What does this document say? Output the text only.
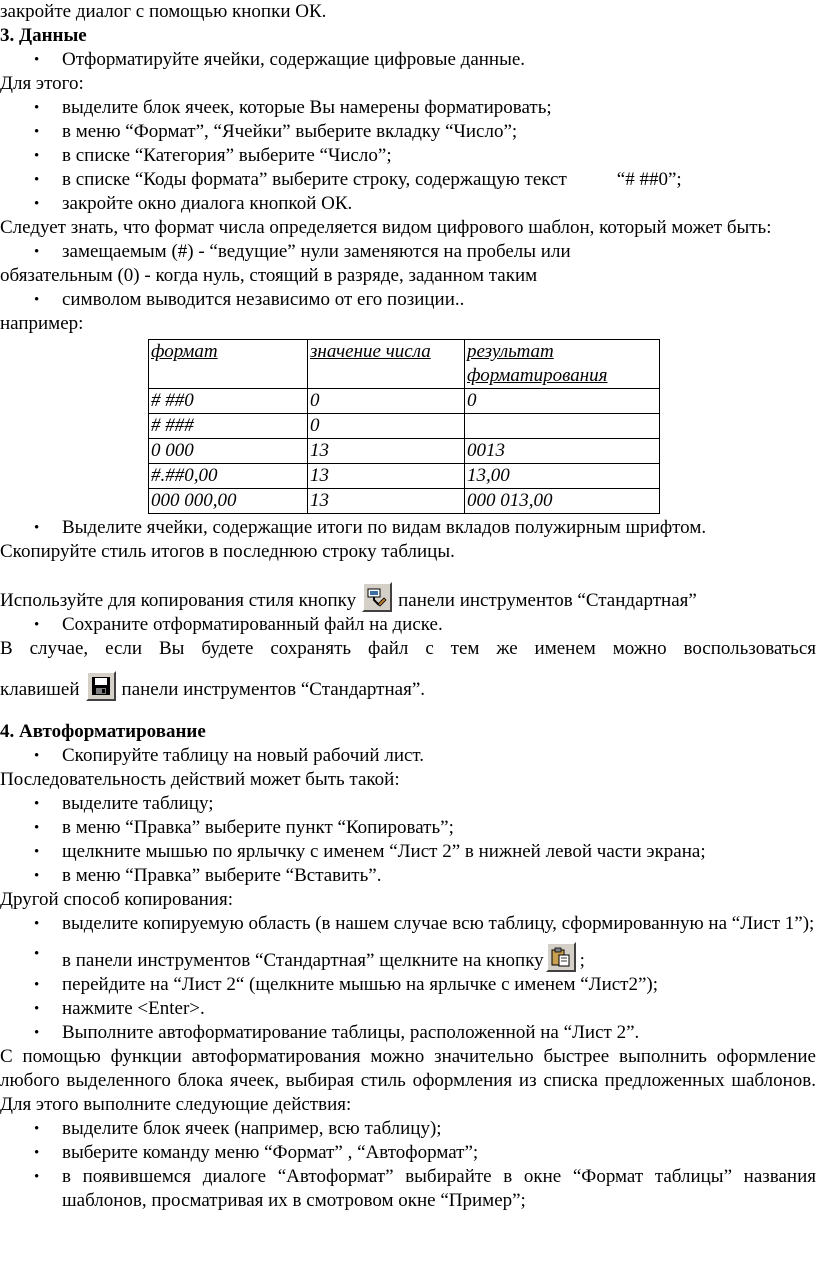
закройте диалог с помощью кнопки ОК.

3. Данные
• Отформатируйте ячейки, содержащие цифровые данные.

Для этого:

• выделите блок ячеек, которые Вы намерены форматировать;
• в меню “Формат”, “Ячейки” выберите вкладку “Число”;
• в списке “Категория” выберите “Число”;
• в списке “Коды формата” выберите строку, содержащую текст	“# ##0”;
• закройте окно диалога кнопкой ОК.

Следует знать, что формат числа определяется видом цифрового шаблон, который может быть:

• замещаемым (#) - “ведущие” нули заменяются на пробелы или

обязательным (0) - когда нуль, стоящий в разряде, заданном таким

• символом выводится независимо от его позиции..

например:

формат	значение числа	результат форматирования
# ##0	0	0
# ###	0	
0 000	13	0013
#.##0,00	13	13,00
000 000,00	13	000 013,00
• Выделите ячейки, содержащие итоги по видам вкладов полужирным шрифтом.

Скопируйте стиль итогов в последнюю строку таблицы.

Используйте для копирования стиля кнопку панели инструментов “Стандартная”

• Сохраните отформатированный файл на диске.

В случае, если Вы будете сохранять файл с тем же именем можно воспользоваться

клавишей панели инструментов “Стандартная”.

4. Автоформатирование
• Скопируйте таблицу на новый рабочий лист.

Последовательность действий может быть такой:

• выделите таблицу;
• в меню “Правка” выберите пункт “Копировать”;
• щелкните мышью по ярлычку с именем “Лист 2” в нижней левой части экрана;
• в меню “Правка” выберите “Вставить”.

Другой способ копирования:

• выделите копируемую область (в нашем случае всю таблицу, сформированную на “Лист 1”);
• в панели инструментов “Стандартная” щелкните на кнопку ;
• перейдите на “Лист 2“ (щелкните мышью на ярлычке с именем “Лист2”);
• нажмите <Enter>.
• Выполните автоформатирование таблицы, расположенной на “Лист 2”.

С помощью функции автоформатирования можно значительно быстрее выполнить оформление любого выделенного блока ячеек, выбирая стиль оформления из списка предложенных шаблонов. Для этого выполните следующие действия:

• выделите блок ячеек (например, всю таблицу);
• выберите команду меню “Формат” , “Автоформат”;
• в появившемся диалоге “Автоформат” выбирайте в окне “Формат таблицы” названия шаблонов, просматривая их в смотровом окне “Пример”;
